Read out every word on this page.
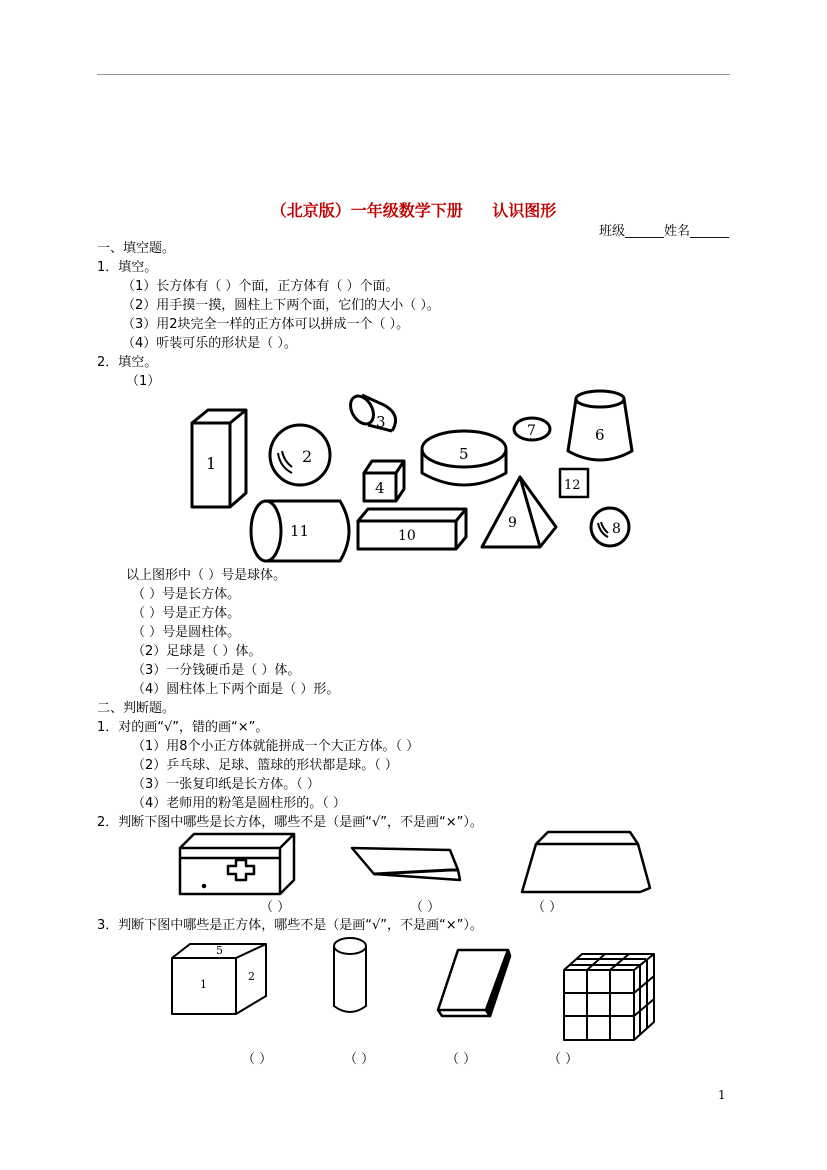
（北京版）一年级数学下册 认识图形
班级______姓名______
一、填空题。
1．填空。
（1）长方体有（ ）个面，正方体有（ ）个面。
（2）用手摸一摸，圆柱上下两个面，它们的大小（ ）。
（3）用2块完全一样的正方体可以拼成一个（ ）。
（4）听装可乐的形状是（ ）。
2．填空。
（1）
1	2
3
4
5
7	6
12
11	10
9	8
以上图形中（ ）号是球体。
（ ）号是长方体。
（ ）号是正方体。
（ ）号是圆柱体。
（2）足球是（ ）体。
（3）一分钱硬币是（ ）体。
（4）圆柱体上下两个面是（ ）形。
二、判断题。
1．对的画“√”，错的画“×”。
（1）用8个小正方体就能拼成一个大正方体。（ ）
（2）乒乓球、足球、篮球的形状都是球。（ ）
（3）一张复印纸是长方体。（ ）
（4）老师用的粉笔是圆柱形的。（ ）
2．判断下图中哪些是长方体，哪些不是（是画“√”，不是画“×”）。
（ ）	（ ）	（ ）
3．判断下图中哪些是正方体，哪些不是（是画“√”，不是画“×”）。
5
1
2
（ ）	（ ）	（ ）	（ ）
1
